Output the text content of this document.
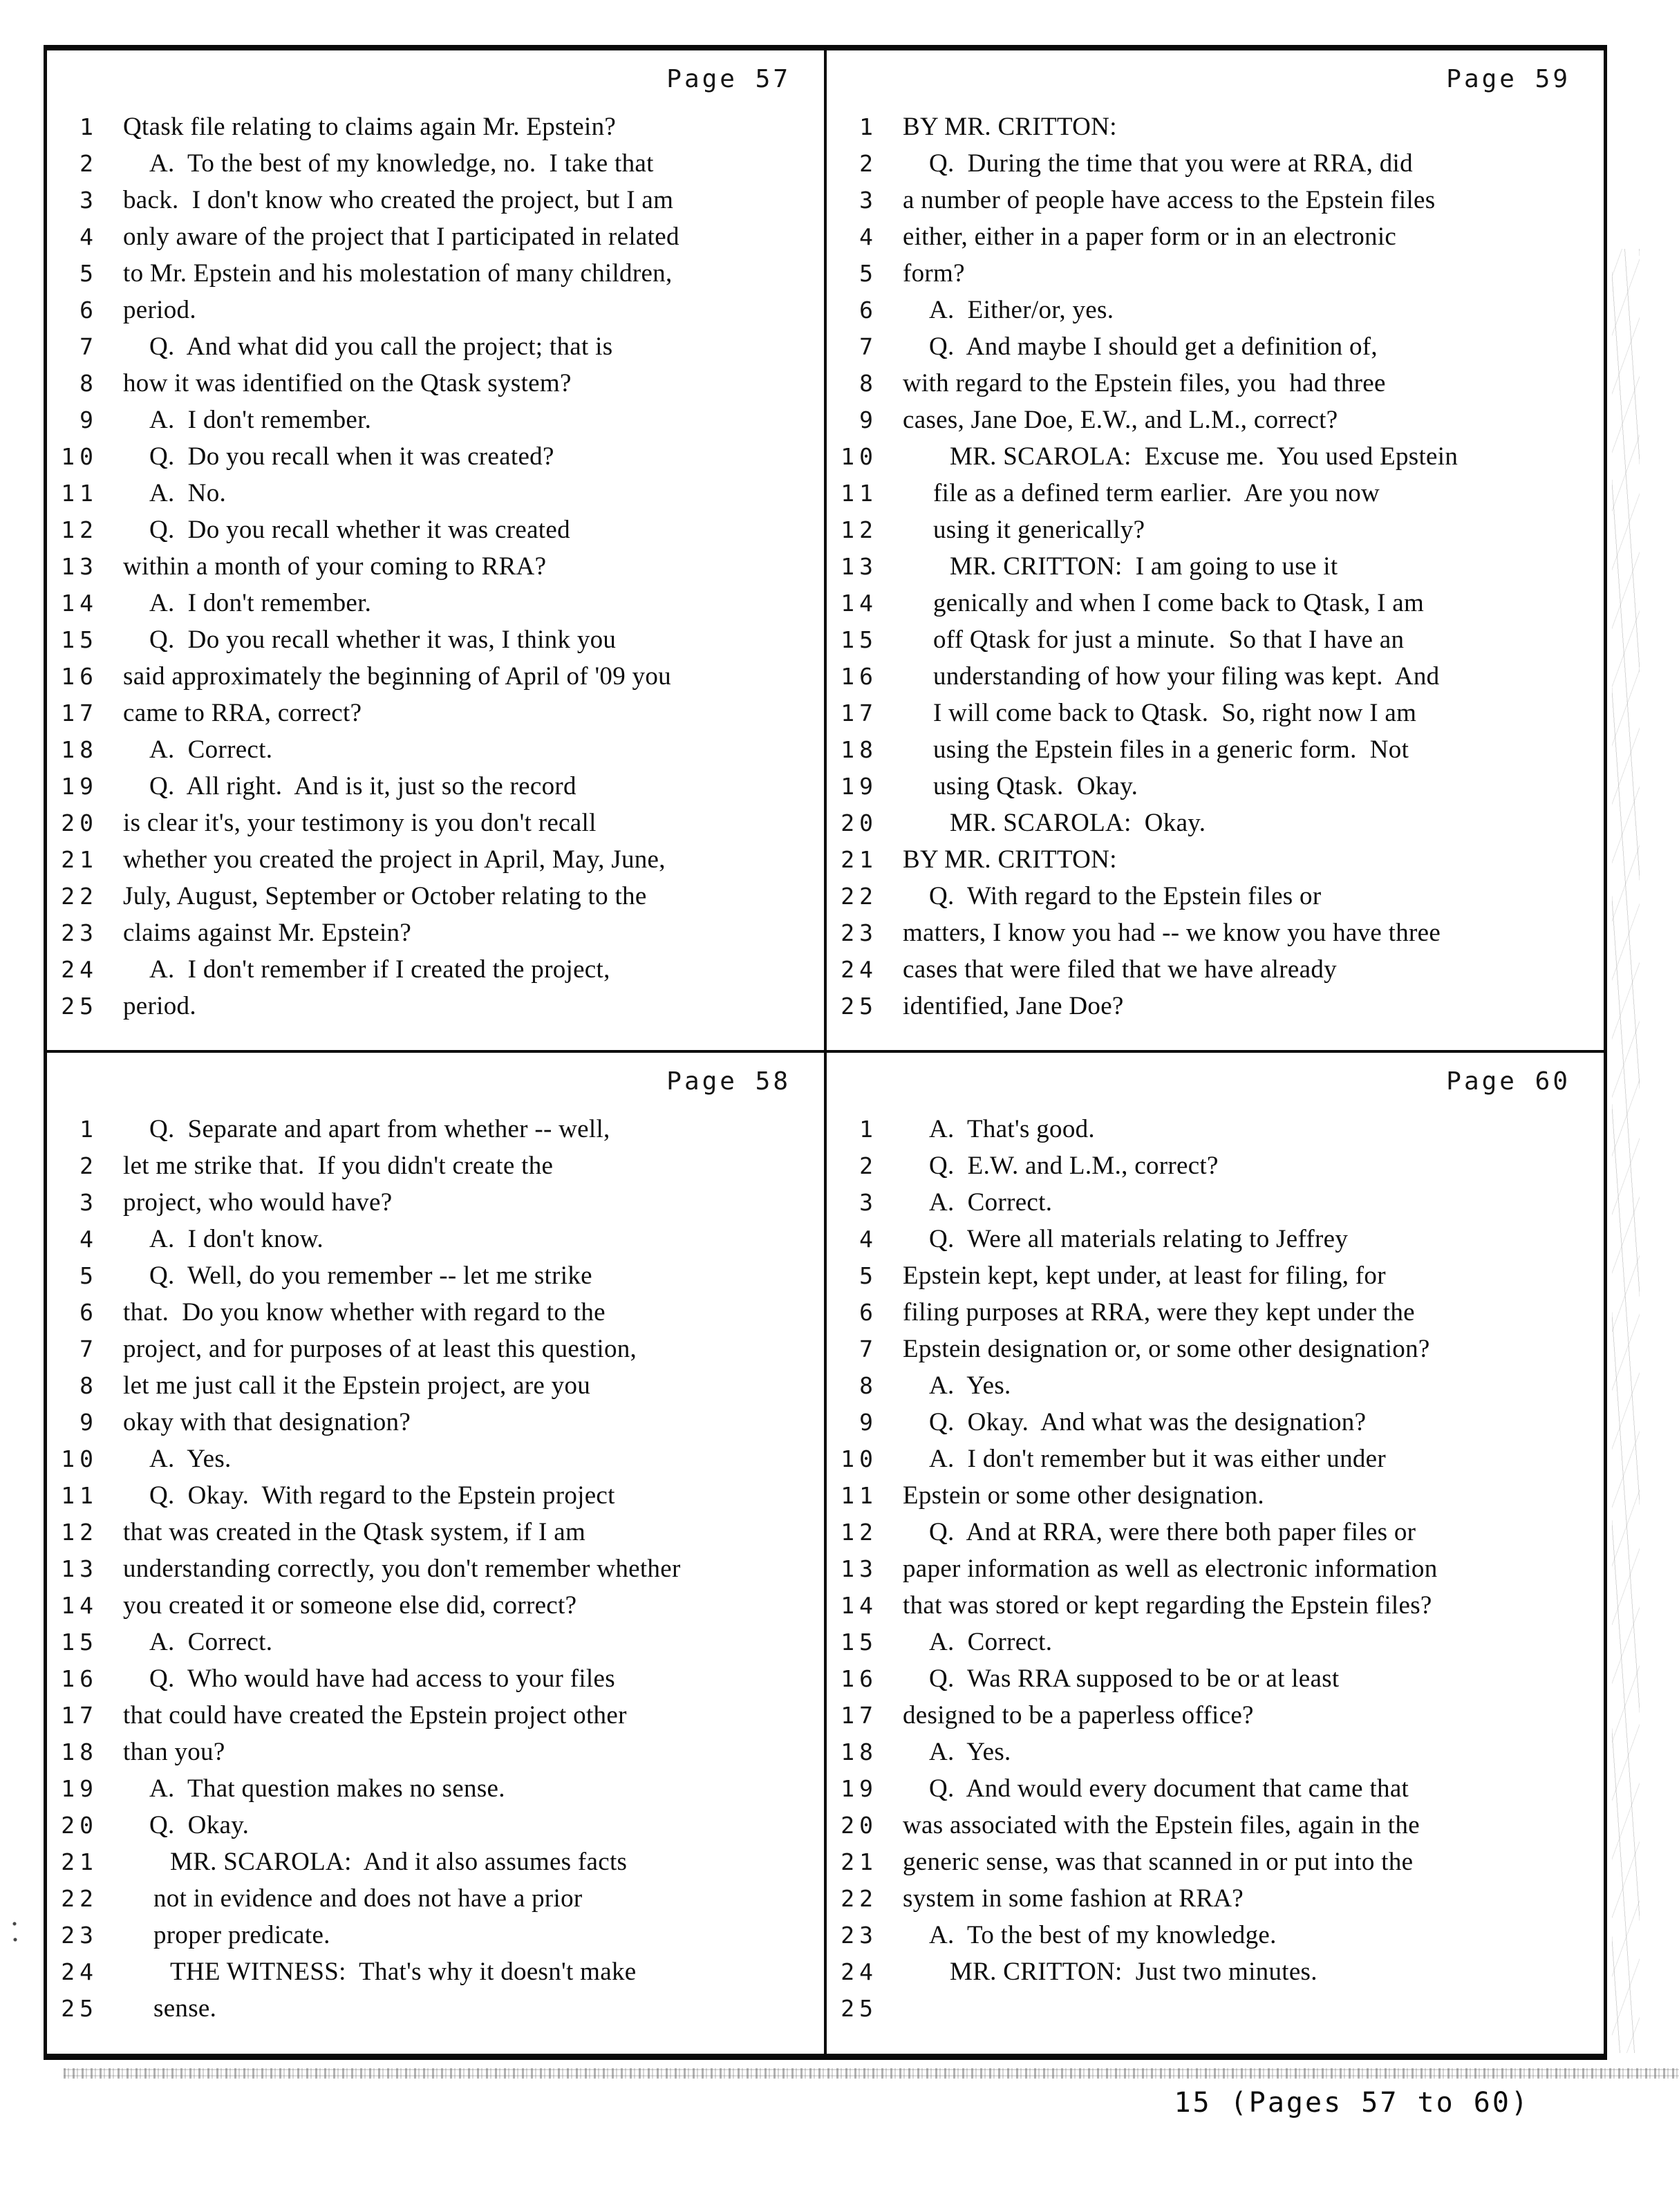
Page 57
1 Qtask file relating to claims again Mr. Epstein?
2 A.  To the best of my knowledge, no.  I take that
3 back.  I don't know who created the project, but I am
4 only aware of the project that I participated in related
5 to Mr. Epstein and his molestation of many children,
6 period.
7 Q.  And what did you call the project; that is
8 how it was identified on the Qtask system?
9 A.  I don't remember.
10 Q.  Do you recall when it was created?
11 A.  No.
12 Q.  Do you recall whether it was created
13 within a month of your coming to RRA?
14 A.  I don't remember.
15 Q.  Do you recall whether it was, I think you
16 said approximately the beginning of April of '09 you
17 came to RRA, correct?
18 A.  Correct.
19 Q.  All right.  And is it, just so the record
20 is clear it's, your testimony is you don't recall
21 whether you created the project in April, May, June,
22 July, August, September or October relating to the
23 claims against Mr. Epstein?
24 A.  I don't remember if I created the project,
25 period.
Page 59
1 BY MR. CRITTON:
2 Q.  During the time that you were at RRA, did
3 a number of people have access to the Epstein files
4 either, either in a paper form or in an electronic
5 form?
6 A.  Either/or, yes.
7 Q.  And maybe I should get a definition of,
8 with regard to the Epstein files, you  had three
9 cases, Jane Doe, E.W., and L.M., correct?
10	MR. SCAROLA:  Excuse me.  You used Epstein
11 file as a defined term earlier.  Are you now
12 using it generically?
13	MR. CRITTON:  I am going to use it
14 genically and when I come back to Qtask, I am
15 off Qtask for just a minute.  So that I have an
16 understanding of how your filing was kept.  And
17 I will come back to Qtask.  So, right now I am
18 using the Epstein files in a generic form.  Not
19 using Qtask.  Okay.
20	MR. SCAROLA:  Okay.
21 BY MR. CRITTON:
22 Q.  With regard to the Epstein files or
23 matters, I know you had -- we know you have three
24 cases that were filed that we have already
25 identified, Jane Doe?
Page 58
1 Q.  Separate and apart from whether -- well,
2 let me strike that.  If you didn't create the
3 project, who would have?
4 A.  I don't know.
5 Q.  Well, do you remember -- let me strike
6 that.  Do you know whether with regard to the
7 project, and for purposes of at least this question,
8 let me just call it the Epstein project, are you
9 okay with that designation?
10 A.  Yes.
11 Q.  Okay.  With regard to the Epstein project
12 that was created in the Qtask system, if I am
13 understanding correctly, you don't remember whether
14 you created it or someone else did, correct?
15 A.  Correct.
16 Q.  Who would have had access to your files
17 that could have created the Epstein project other
18 than you?
19 A.  That question makes no sense.
20 Q.  Okay.
21	MR. SCAROLA:  And it also assumes facts
22 not in evidence and does not have a prior
23 proper predicate.
24	THE WITNESS:  That's why it doesn't make
25 sense.
Page 60
1 A.  That's good.
2 Q.  E.W. and L.M., correct?
3 A.  Correct.
4 Q.  Were all materials relating to Jeffrey
5 Epstein kept, kept under, at least for filing, for
6 filing purposes at RRA, were they kept under the
7 Epstein designation or, or some other designation?
8 A.  Yes.
9 Q.  Okay.  And what was the designation?
10 A.  I don't remember but it was either under
11 Epstein or some other designation.
12 Q.  And at RRA, were there both paper files or
13 paper information as well as electronic information
14 that was stored or kept regarding the Epstein files?
15 A.  Correct.
16 Q.  Was RRA supposed to be or at least
17 designed to be a paperless office?
18 A.  Yes.
19 Q.  And would every document that came that
20 was associated with the Epstein files, again in the
21 generic sense, was that scanned in or put into the
22 system in some fashion at RRA?
23 A.  To the best of my knowledge.
24	MR. CRITTON:  Just two minutes.
25
15 (Pages 57 to 60)
